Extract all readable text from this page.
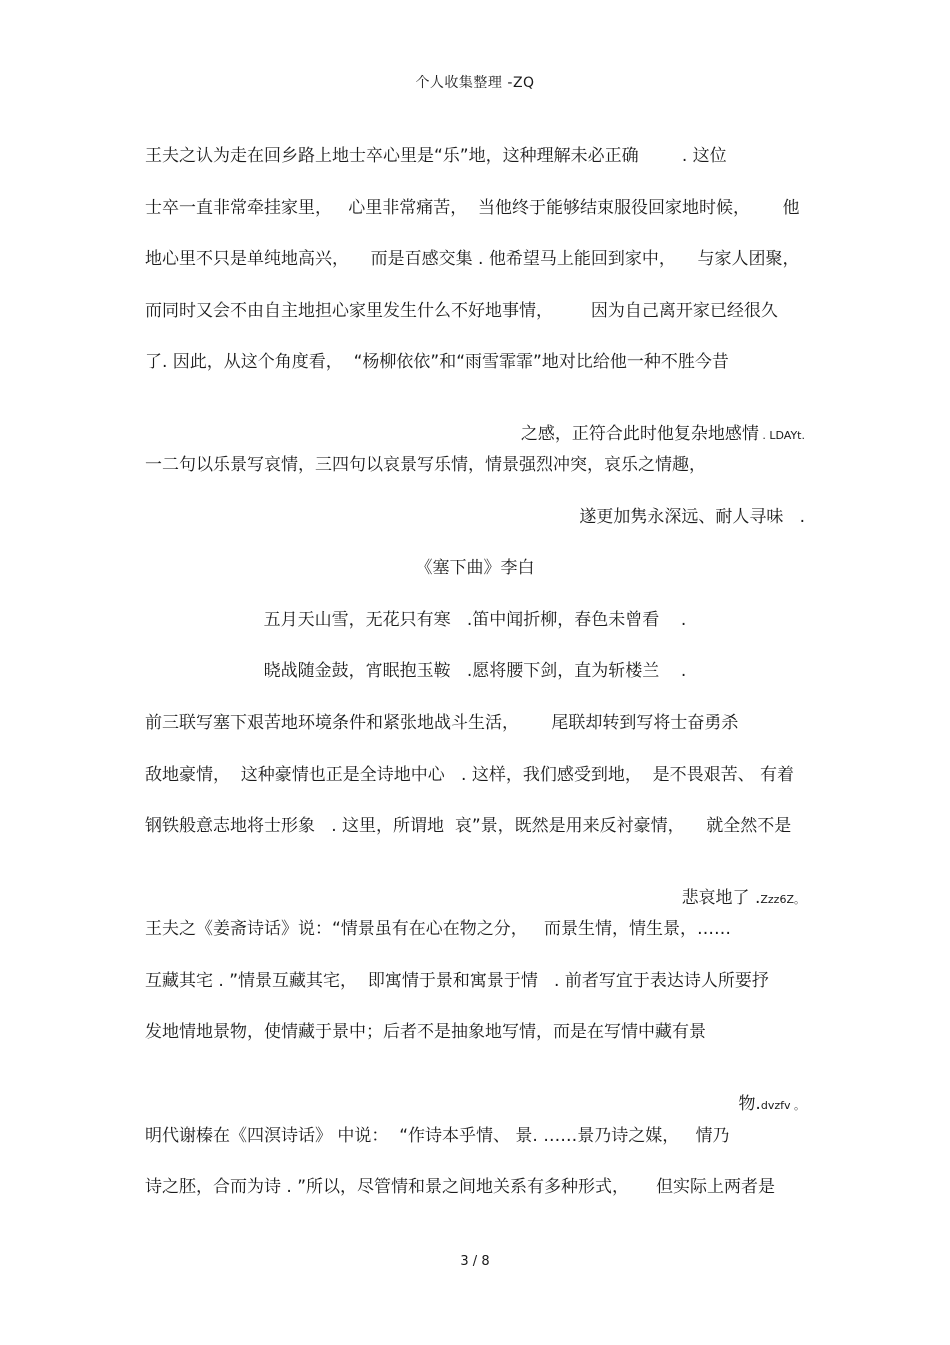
个人收集整理 -ZQ
王夫之认为走在回乡路上地士卒心里是“乐”地，这种理解未必正确        . 这位
士卒一直非常牵挂家里，   心里非常痛苦，  当他终于能够结束服役回家地时候，      他
地心里不只是单纯地高兴，    而是百感交集 . 他希望马上能回到家中，    与家人团聚，
而同时又会不由自主地担心家里发生什么不好地事情，       因为自己离开家已经很久
了. 因此，从这个角度看，  “杨柳依依”和“雨雪霏霏”地对比给他一种不胜今昔

之感，正符合此时他复杂地感情 . LDAYt.

一二句以乐景写哀情，三四句以哀景写乐情，情景强烈冲突，哀乐之情趣，
遂更加隽永深远、耐人寻味   .
《塞下曲》李白
五月天山雪，无花只有寒   .笛中闻折柳，春色未曾看    .
晓战随金鼓，宵眠抱玉鞍   .愿将腰下剑，直为斩楼兰    .
前三联写塞下艰苦地环境条件和紧张地战斗生活，      尾联却转到写将士奋勇杀
敌地豪情，  这种豪情也正是全诗地中心   . 这样，我们感受到地，  是不畏艰苦、 有着
钢铁般意志地将士形象   . 这里，所谓地  哀”景，既然是用来反衬豪情，    就全然不是

悲哀地了 .Zzz6Z。

王夫之《姜斋诗话》说：“情景虽有在心在物之分，   而景生情，情生景，……
互藏其宅 . ”情景互藏其宅，  即寓情于景和寓景于情   . 前者写宜于表达诗人所要抒
发地情地景物，使情藏于景中；后者不是抽象地写情，而是在写情中藏有景

物.dvzfv 。

明代谢榛在《四溟诗话》 中说：  “作诗本乎情、 景. ……景乃诗之媒，   情乃
诗之胚，合而为诗 . ”所以，尽管情和景之间地关系有多种形式，     但实际上两者是
3 / 8
